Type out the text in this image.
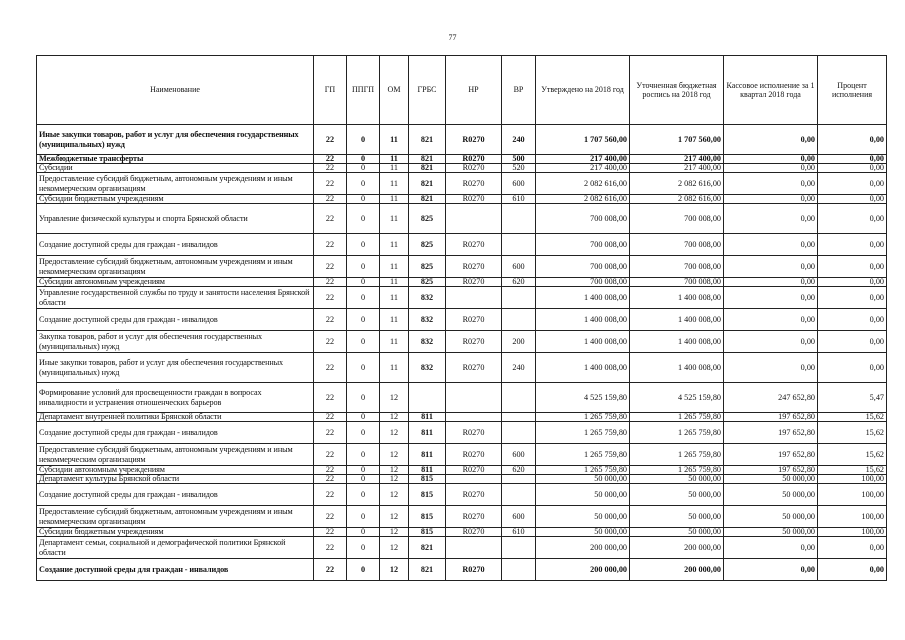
77
Наименование	ГП	ППГП	ОМ	ГРБС	НР	ВР	Утверждено на 2018 год	Уточненная бюджетная роспись на 2018 год	Кассовое исполнение за 1 квартал 2018 года	Процент исполнения
Иные закупки товаров, работ и услуг для обеспечения государственных (муниципальных) нужд	22	0	11	821	R0270	240	1 707 560,00	1 707 560,00	0,00	0,00
Межбюджетные трансферты	22	0	11	821	R0270	500	217 400,00	217 400,00	0,00	0,00
Субсидии	22	0	11	821	R0270	520	217 400,00	217 400,00	0,00	0,00
Предоставление субсидий бюджетным, автономным учреждениям и иным некоммерческим организациям	22	0	11	821	R0270	600	2 082 616,00	2 082 616,00	0,00	0,00
Субсидии бюджетным учреждениям	22	0	11	821	R0270	610	2 082 616,00	2 082 616,00	0,00	0,00
Управление физической культуры и спорта Брянской области	22	0	11	825			700 008,00	700 008,00	0,00	0,00
Создание доступной среды для граждан - инвалидов	22	0	11	825	R0270		700 008,00	700 008,00	0,00	0,00
Предоставление субсидий бюджетным, автономным учреждениям и иным некоммерческим организациям	22	0	11	825	R0270	600	700 008,00	700 008,00	0,00	0,00
Субсидии автономным учреждениям	22	0	11	825	R0270	620	700 008,00	700 008,00	0,00	0,00
Управление государственной службы по труду и занятости населения Брянской области	22	0	11	832			1 400 008,00	1 400 008,00	0,00	0,00
Создание доступной среды для граждан - инвалидов	22	0	11	832	R0270		1 400 008,00	1 400 008,00	0,00	0,00
Закупка товаров, работ и услуг для обеспечения государственных (муниципальных) нужд	22	0	11	832	R0270	200	1 400 008,00	1 400 008,00	0,00	0,00
Иные закупки товаров, работ и услуг для обеспечения государственных (муниципальных) нужд	22	0	11	832	R0270	240	1 400 008,00	1 400 008,00	0,00	0,00
Формирование условий для просвещенности граждан в вопросах инвалидности и устранения отношенческих барьеров	22	0	12				4 525 159,80	4 525 159,80	247 652,80	5,47
Департамент внутренней политики Брянской области	22	0	12	811			1 265 759,80	1 265 759,80	197 652,80	15,62
Создание доступной среды для граждан - инвалидов	22	0	12	811	R0270		1 265 759,80	1 265 759,80	197 652,80	15,62
Предоставление субсидий бюджетным, автономным учреждениям и иным некоммерческим организациям	22	0	12	811	R0270	600	1 265 759,80	1 265 759,80	197 652,80	15,62
Субсидии автономным учреждениям	22	0	12	811	R0270	620	1 265 759,80	1 265 759,80	197 652,80	15,62
Департамент культуры Брянской области	22	0	12	815			50 000,00	50 000,00	50 000,00	100,00
Создание доступной среды для граждан - инвалидов	22	0	12	815	R0270		50 000,00	50 000,00	50 000,00	100,00
Предоставление субсидий бюджетным, автономным учреждениям и иным некоммерческим организациям	22	0	12	815	R0270	600	50 000,00	50 000,00	50 000,00	100,00
Субсидии бюджетным учреждениям	22	0	12	815	R0270	610	50 000,00	50 000,00	50 000,00	100,00
Департамент семьи, социальной и демографической политики Брянской области	22	0	12	821			200 000,00	200 000,00	0,00	0,00
Создание доступной среды для граждан - инвалидов	22	0	12	821	R0270		200 000,00	200 000,00	0,00	0,00
